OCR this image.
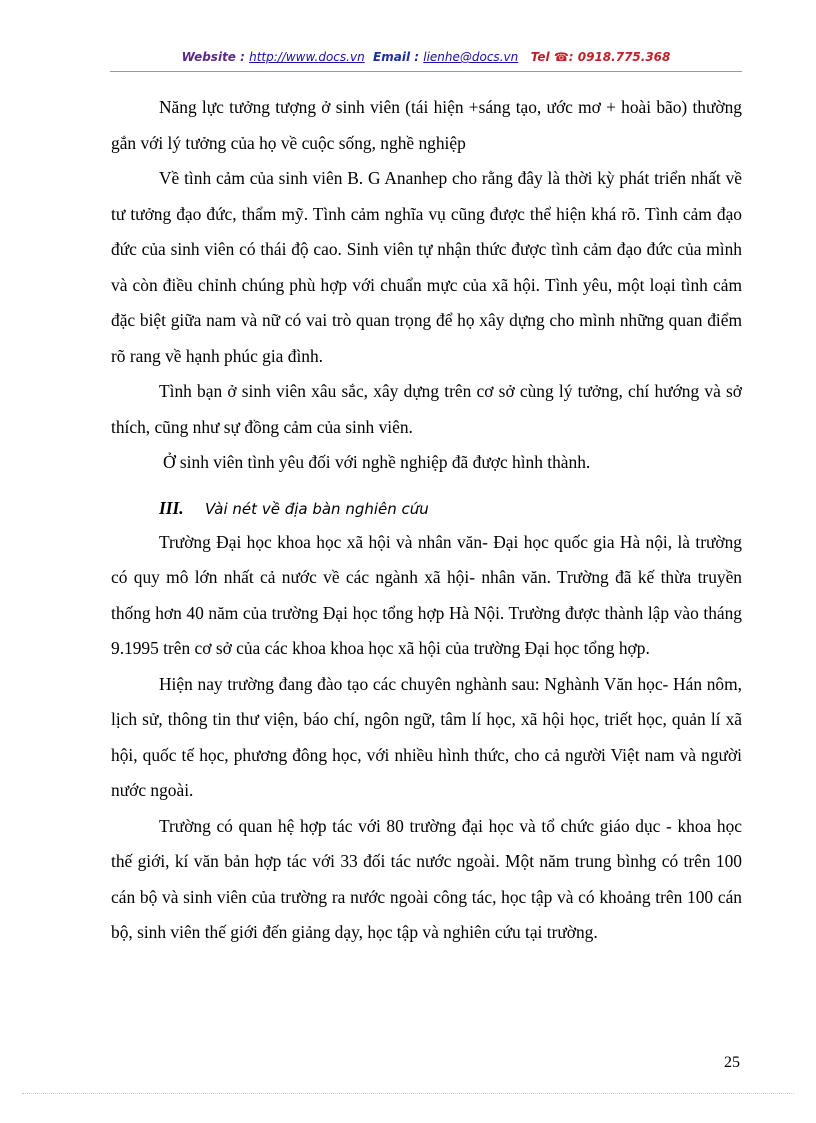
Website : http://www.docs.vn Email : lienhe@docs.vn Tel ☎: 0918.775.368

Năng lực tưởng tượng ở sinh viên (tái hiện +sáng tạo, ước mơ + hoài bão) thường gắn với lý tưởng của họ về cuộc sống, nghề nghiệp

Về tình cảm của sinh viên B. G Ananhep cho rằng đây là thời kỳ phát triển nhất về tư tưởng đạo đức, thẩm mỹ. Tình cảm nghĩa vụ cũng được thể hiện khá rõ. Tình cảm đạo đức của sinh viên có thái độ cao. Sinh viên tự nhận thức được tình cảm đạo đức của mình và còn điều chỉnh chúng phù hợp với chuẩn mực của xã hội. Tình yêu, một loại tình cảm đặc biệt giữa nam và nữ có vai trò quan trọng để họ xây dựng cho mình những quan điểm rõ rang về hạnh phúc gia đình.

Tình bạn ở sinh viên xâu sắc, xây dựng trên cơ sở cùng lý tưởng, chí hướng và sở thích, cũng như sự đồng cảm của sinh viên.

Ở sinh viên tình yêu đối với nghề nghiệp đã được hình thành.

III. Vài nét về địa bàn nghiên cứu

Trường Đại học khoa học xã hội và nhân văn- Đại học quốc gia Hà nội, là trường có quy mô lớn nhất cả nước về các ngành xã hội- nhân văn. Trường đã kế thừa truyền thống hơn 40 năm của trường Đại học tổng hợp Hà Nội. Trường được thành lập vào tháng 9.1995 trên cơ sở của các khoa khoa học xã hội của trường Đại học tổng hợp.

Hiện nay trường đang đào tạo các chuyên nghành sau: Nghành Văn học- Hán nôm, lịch sử, thông tin thư viện, báo chí, ngôn ngữ, tâm lí học, xã hội học, triết học, quản lí xã hội, quốc tế học, phương đông học, với nhiều hình thức, cho cả người Việt nam và người nước ngoài.

Trường có quan hệ hợp tác với 80 trường đại học và tổ chức giáo dục - khoa học thế giới, kí văn bản hợp tác với 33 đối tác nước ngoài. Một năm trung bìnhg có trên 100 cán bộ và sinh viên của trường ra nước ngoài công tác, học tập và có khoảng trên 100 cán bộ, sinh viên thế giới đến giảng dạy, học tập và nghiên cứu tại trường.

25
